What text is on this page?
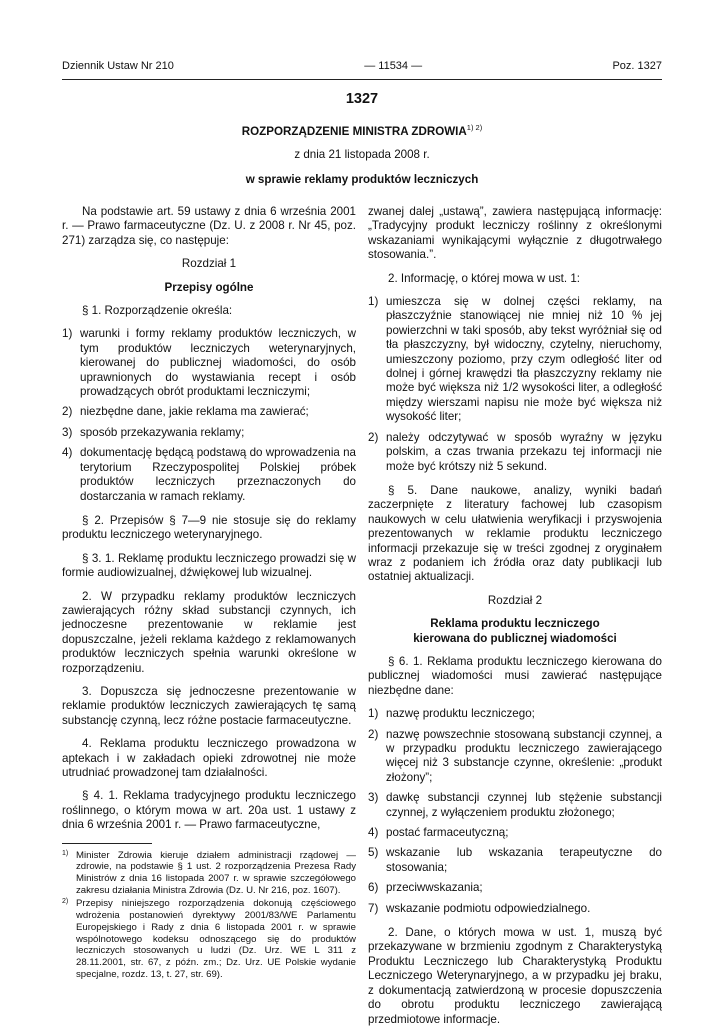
Dziennik Ustaw Nr 210	— 11534 —	Poz. 1327
1327
ROZPORZĄDZENIE MINISTRA $ZDROWIA^{1) 2)}$
z dnia 21 listopada 2008 r.
w sprawie reklamy produktów leczniczych

Na podstawie art. 59 ustawy z dnia 6 września 2001 r. — Prawo farmaceutyczne (Dz. U. z 2008 r. Nr 45, poz. 271) zarządza się, co następuje:

Rozdział 1

Przepisy ogólne

§ 1. Rozporządzenie określa:

1) warunki i formy reklamy produktów leczniczych, w tym produktów leczniczych weterynaryjnych, kierowanej do publicznej wiadomości, do osób uprawnionych do wystawiania recept i osób prowadzących obrót produktami leczniczymi;
2) niezbędne dane, jakie reklama ma zawierać;
3) sposób przekazywania reklamy;
4) dokumentację będącą podstawą do wprowadzenia na terytorium Rzeczypospolitej Polskiej próbek produktów leczniczych przeznaczonych do dostarczania w ramach reklamy.

§ 2. Przepisów § 7—9 nie stosuje się do reklamy produktu leczniczego weterynaryjnego.

§ 3. 1. Reklamę produktu leczniczego prowadzi się w formie audiowizualnej, dźwiękowej lub wizualnej.

2. W przypadku reklamy produktów leczniczych zawierających różny skład substancji czynnych, ich jednoczesne prezentowanie w reklamie jest dopuszczalne, jeżeli reklama każdego z reklamowanych produktów leczniczych spełnia warunki określone w rozporządzeniu.

3. Dopuszcza się jednoczesne prezentowanie w reklamie produktów leczniczych zawierających tę samą substancję czynną, lecz różne postacie farmaceutyczne.

4. Reklama produktu leczniczego prowadzona w aptekach i w zakładach opieki zdrowotnej nie może utrudniać prowadzonej tam działalności.

§ 4. 1. Reklama tradycyjnego produktu leczniczego roślinnego, o którym mowa w art. 20a ust. 1 ustawy z dnia 6 września 2001 r. — Prawo farmaceutyczne,

1) Minister Zdrowia kieruje działem administracji rządowej — zdrowie, na podstawie § 1 ust. 2 rozporządzenia Prezesa Rady Ministrów z dnia 16 listopada 2007 r. w sprawie szczegółowego zakresu działania Ministra Zdrowia (Dz. U. Nr 216, poz. 1607).
2) Przepisy niniejszego rozporządzenia dokonują częściowego wdrożenia postanowień dyrektywy 2001/83/WE Parlamentu Europejskiego i Rady z dnia 6 listopada 2001 r. w sprawie wspólnotowego kodeksu odnoszącego się do produktów leczniczych stosowanych u ludzi (Dz. Urz. WE L 311 z 28.11.2001, str. 67, z późn. zm.; Dz. Urz. UE Polskie wydanie specjalne, rozdz. 13, t. 27, str. 69).

zwanej dalej „ustawą”, zawiera następującą informację: „Tradycyjny produkt leczniczy roślinny z określonymi wskazaniami wynikającymi wyłącznie z długotrwałego stosowania.”.

2. Informację, o której mowa w ust. 1:

1) umieszcza się w dolnej części reklamy, na płaszczyźnie stanowiącej nie mniej niż 10 % jej powierzchni w taki sposób, aby tekst wyróżniał się od tła płaszczyzny, był widoczny, czytelny, nieruchomy, umieszczony poziomo, przy czym odległość liter od dolnej i górnej krawędzi tła płaszczyzny reklamy nie może być większa niż 1/2 wysokości liter, a odległość między wierszami napisu nie może być większa niż wysokość liter;
2) należy odczytywać w sposób wyraźny w języku polskim, a czas trwania przekazu tej informacji nie może być krótszy niż 5 sekund.

§ 5. Dane naukowe, analizy, wyniki badań zaczerpnięte z literatury fachowej lub czasopism naukowych w celu ułatwienia weryfikacji i przyswojenia prezentowanych w reklamie produktu leczniczego informacji przekazuje się w treści zgodnej z oryginałem wraz z podaniem ich źródła oraz daty publikacji lub ostatniej aktualizacji.

Rozdział 2

Reklama produktu leczniczego

kierowana do publicznej wiadomości

§ 6. 1. Reklama produktu leczniczego kierowana do publicznej wiadomości musi zawierać następujące niezbędne dane:

1) nazwę produktu leczniczego;
2) nazwę powszechnie stosowaną substancji czynnej, a w przypadku produktu leczniczego zawierającego więcej niż 3 substancje czynne, określenie: „produkt złożony”;
3) dawkę substancji czynnej lub stężenie substancji czynnej, z wyłączeniem produktu złożonego;
4) postać farmaceutyczną;
5) wskazanie lub wskazania terapeutyczne do stosowania;
6) przeciwwskazania;
7) wskazanie podmiotu odpowiedzialnego.

2. Dane, o których mowa w ust. 1, muszą być przekazywane w brzmieniu zgodnym z Charakterystyką Produktu Leczniczego lub Charakterystyką Produktu Leczniczego Weterynaryjnego, a w przypadku jej braku, z dokumentacją zatwierdzoną w procesie dopuszczenia do obrotu produktu leczniczego zawierającą przedmiotowe informacje.
